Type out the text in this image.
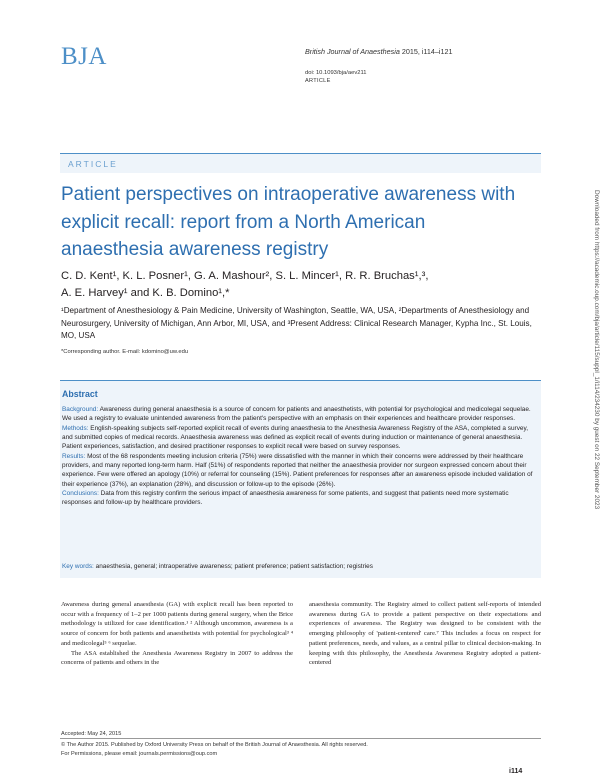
BJA	British Journal of Anaesthesia 2015, i114–i121
doi: 10.1093/bja/aev211
ARTICLE
ARTICLE
Patient perspectives on intraoperative awareness with explicit recall: report from a North American anaesthesia awareness registry
C. D. Kent¹, K. L. Posner¹, G. A. Mashour², S. L. Mincer¹, R. R. Bruchas¹,³,
A. E. Harvey¹ and K. B. Domino¹,*
¹Department of Anesthesiology & Pain Medicine, University of Washington, Seattle, WA, USA, ²Departments of Anesthesiology and Neurosurgery, University of Michigan, Ann Arbor, MI, USA, and ³Present Address: Clinical Research Manager, Kypha Inc., St. Louis, MO, USA
*Corresponding author. E-mail: kdomino@uw.edu	Downloaded from https://academic.oup.com/bja/article/115/suppl_1/i114/234230 by guest on 22 September 2023
Abstract

Background: Awareness during general anaesthesia is a source of concern for patients and anaesthetists, with potential for psychological and medicolegal sequelae. We used a registry to evaluate unintended awareness from the patient's perspective with an emphasis on their experiences and healthcare provider responses.

Methods: English-speaking subjects self-reported explicit recall of events during anaesthesia to the Anesthesia Awareness Registry of the ASA, completed a survey, and submitted copies of medical records. Anaesthesia awareness was defined as explicit recall of events during induction or maintenance of general anaesthesia. Patient experiences, satisfaction, and desired practitioner responses to explicit recall were based on survey responses.

Results: Most of the 68 respondents meeting inclusion criteria (75%) were dissatisfied with the manner in which their concerns were addressed by their healthcare providers, and many reported long-term harm. Half (51%) of respondents reported that neither the anaesthesia provider nor surgeon expressed concern about their experience. Few were offered an apology (10%) or referral for counseling (15%). Patient preferences for responses after an awareness episode included validation of their experience (37%), an explanation (28%), and discussion or follow-up to the episode (26%).

Conclusions: Data from this registry confirm the serious impact of anaesthesia awareness for some patients, and suggest that patients need more systematic responses and follow-up by healthcare providers.

Key words: anaesthesia, general; intraoperative awareness; patient preference; patient satisfaction; registries

Awareness during general anaesthesia (GA) with explicit recall has been reported to occur with a frequency of 1–2 per 1000 patients during general surgery, when the Brice methodology is utilized for case identification.¹ ² Although uncommon, awareness is a source of concern for both patients and anaesthetists with potential for psychological³ ⁴ and medicolegal⁵ ⁶ sequelae.

The ASA established the Anesthesia Awareness Registry in 2007 to address the concerns of patients and others in the

anaesthesia community. The Registry aimed to collect patient self-reports of intended awareness during GA to provide a patient perspective on their expectations and experiences of awareness. The Registry was designed to be consistent with the emerging philosophy of 'patient-centered' care.⁷ This includes a focus on respect for patient preferences, needs, and values, as a central pillar to clinical decision-making. In keeping with this philosophy, the Anesthesia Awareness Registry adopted a patient-centered

Accepted: May 24, 2015
© The Author 2015. Published by Oxford University Press on behalf of the British Journal of Anaesthesia. All rights reserved.
For Permissions, please email: journals.permissions@oup.com
i114
